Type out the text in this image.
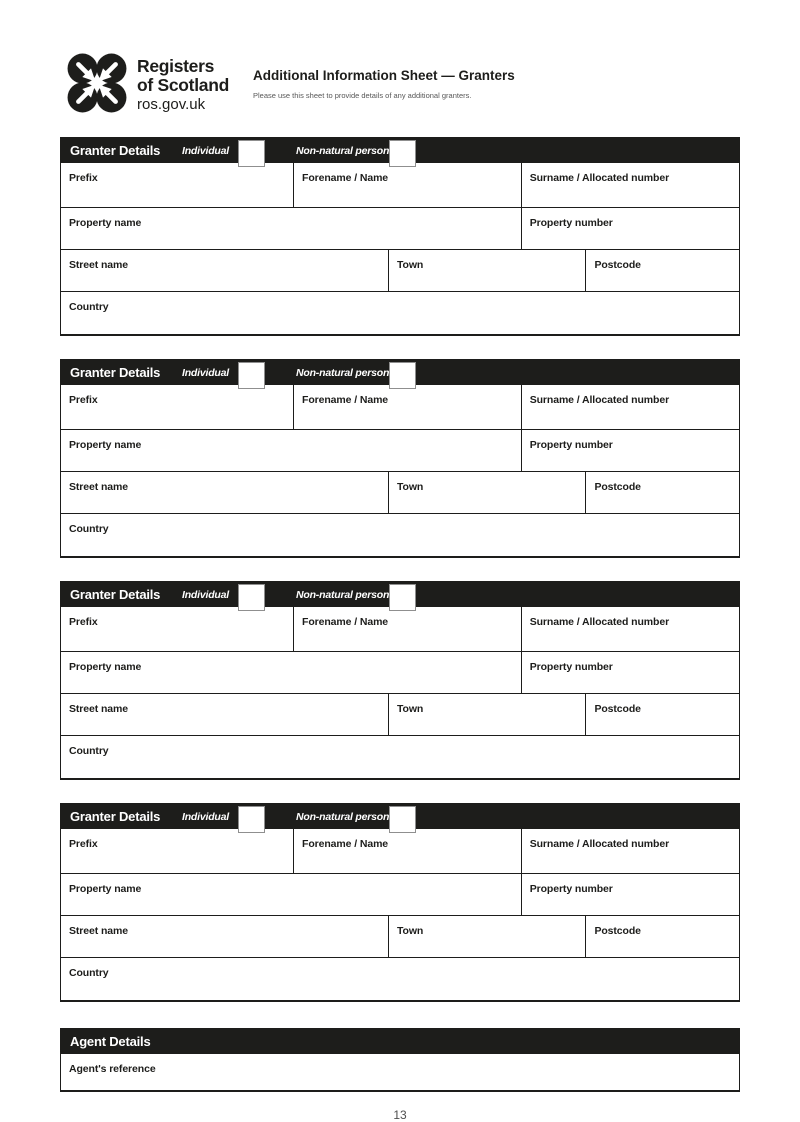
Registers
of Scotland
ros.gov.uk
Additional Information Sheet — Granters
Please use this sheet to provide details of any additional granters.
Granter Details Individual	Non-natural person
Prefix	Forename / Name	Surname / Allocated number
Property name	Property number
Street name	Town	Postcode
Country
Granter Details Individual	Non-natural person
Prefix	Forename / Name	Surname / Allocated number
Property name	Property number
Street name	Town	Postcode
Country
Granter Details Individual	Non-natural person
Prefix	Forename / Name	Surname / Allocated number
Property name	Property number
Street name	Town	Postcode
Country
Granter Details Individual	Non-natural person
Prefix	Forename / Name	Surname / Allocated number
Property name	Property number
Street name	Town	Postcode
Country
Agent Details
Agent's reference
13
